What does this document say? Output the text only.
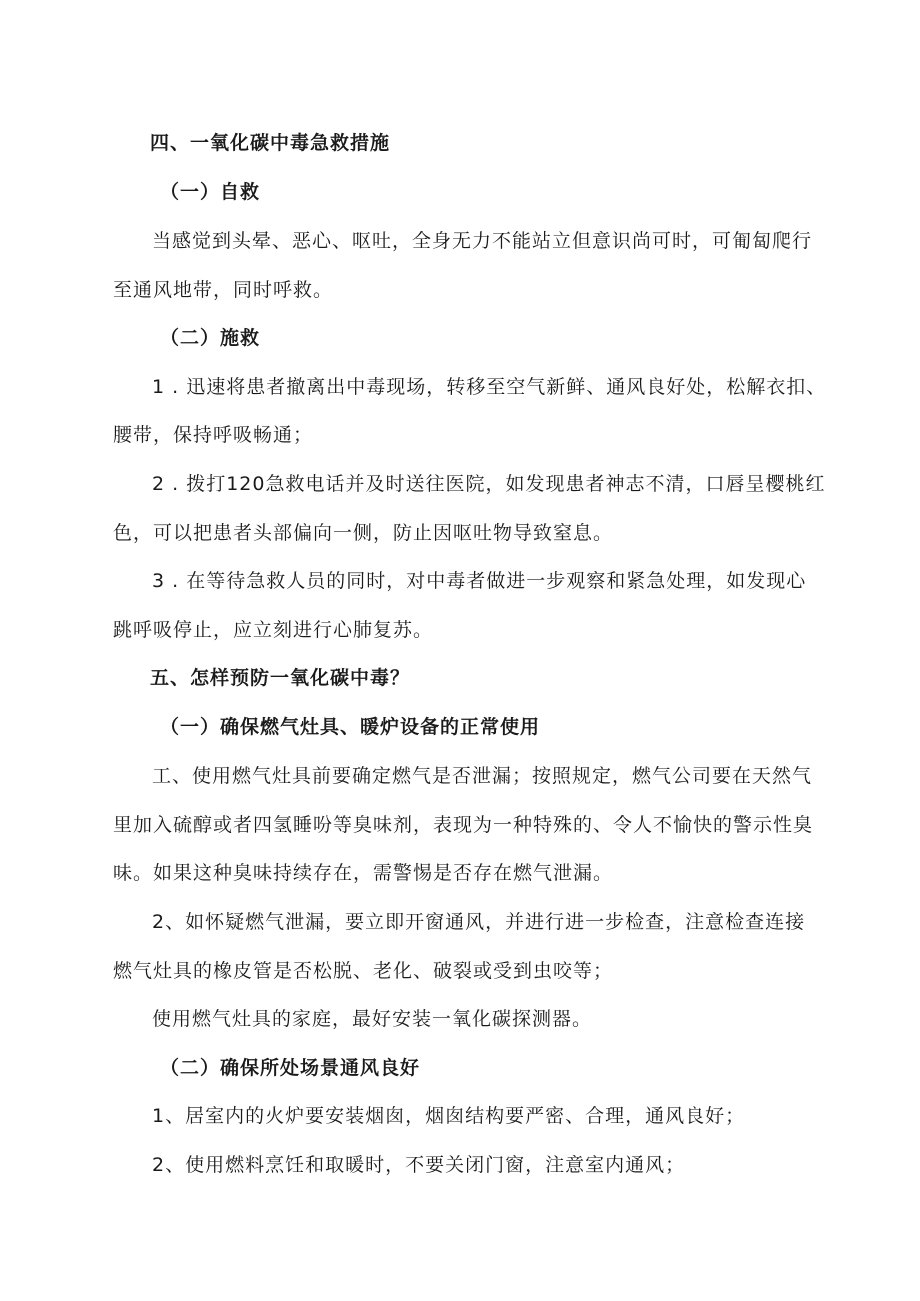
四、一氧化碳中毒急救措施
（一）自救
当感觉到头晕、恶心、呕吐，全身无力不能站立但意识尚可时，可匍匐爬行
至通风地带，同时呼救。
（二）施救
1 . 迅速将患者撤离出中毒现场，转移至空气新鲜、通风良好处，松解衣扣、
腰带，保持呼吸畅通；
2 . 拨打120急救电话并及时送往医院，如发现患者神志不清，口唇呈樱桃红
色，可以把患者头部偏向一侧，防止因呕吐物导致窒息。
3 . 在等待急救人员的同时，对中毒者做进一步观察和紧急处理，如发现心
跳呼吸停止，应立刻进行心肺复苏。
五、怎样预防一氧化碳中毒？
（一）确保燃气灶具、暖炉设备的正常使用
工、使用燃气灶具前要确定燃气是否泄漏；按照规定，燃气公司要在天然气
里加入硫醇或者四氢睡吩等臭味剂，表现为一种特殊的、令人不愉快的警示性臭
味。如果这种臭味持续存在，需警惕是否存在燃气泄漏。
2、如怀疑燃气泄漏，要立即开窗通风，并进行进一步检查，注意检查连接
燃气灶具的橡皮管是否松脱、老化、破裂或受到虫咬等；
使用燃气灶具的家庭，最好安装一氧化碳探测器。
（二）确保所处场景通风良好
1、居室内的火炉要安装烟囱，烟囱结构要严密、合理，通风良好；
2、使用燃料烹饪和取暖时，不要关闭门窗，注意室内通风；
